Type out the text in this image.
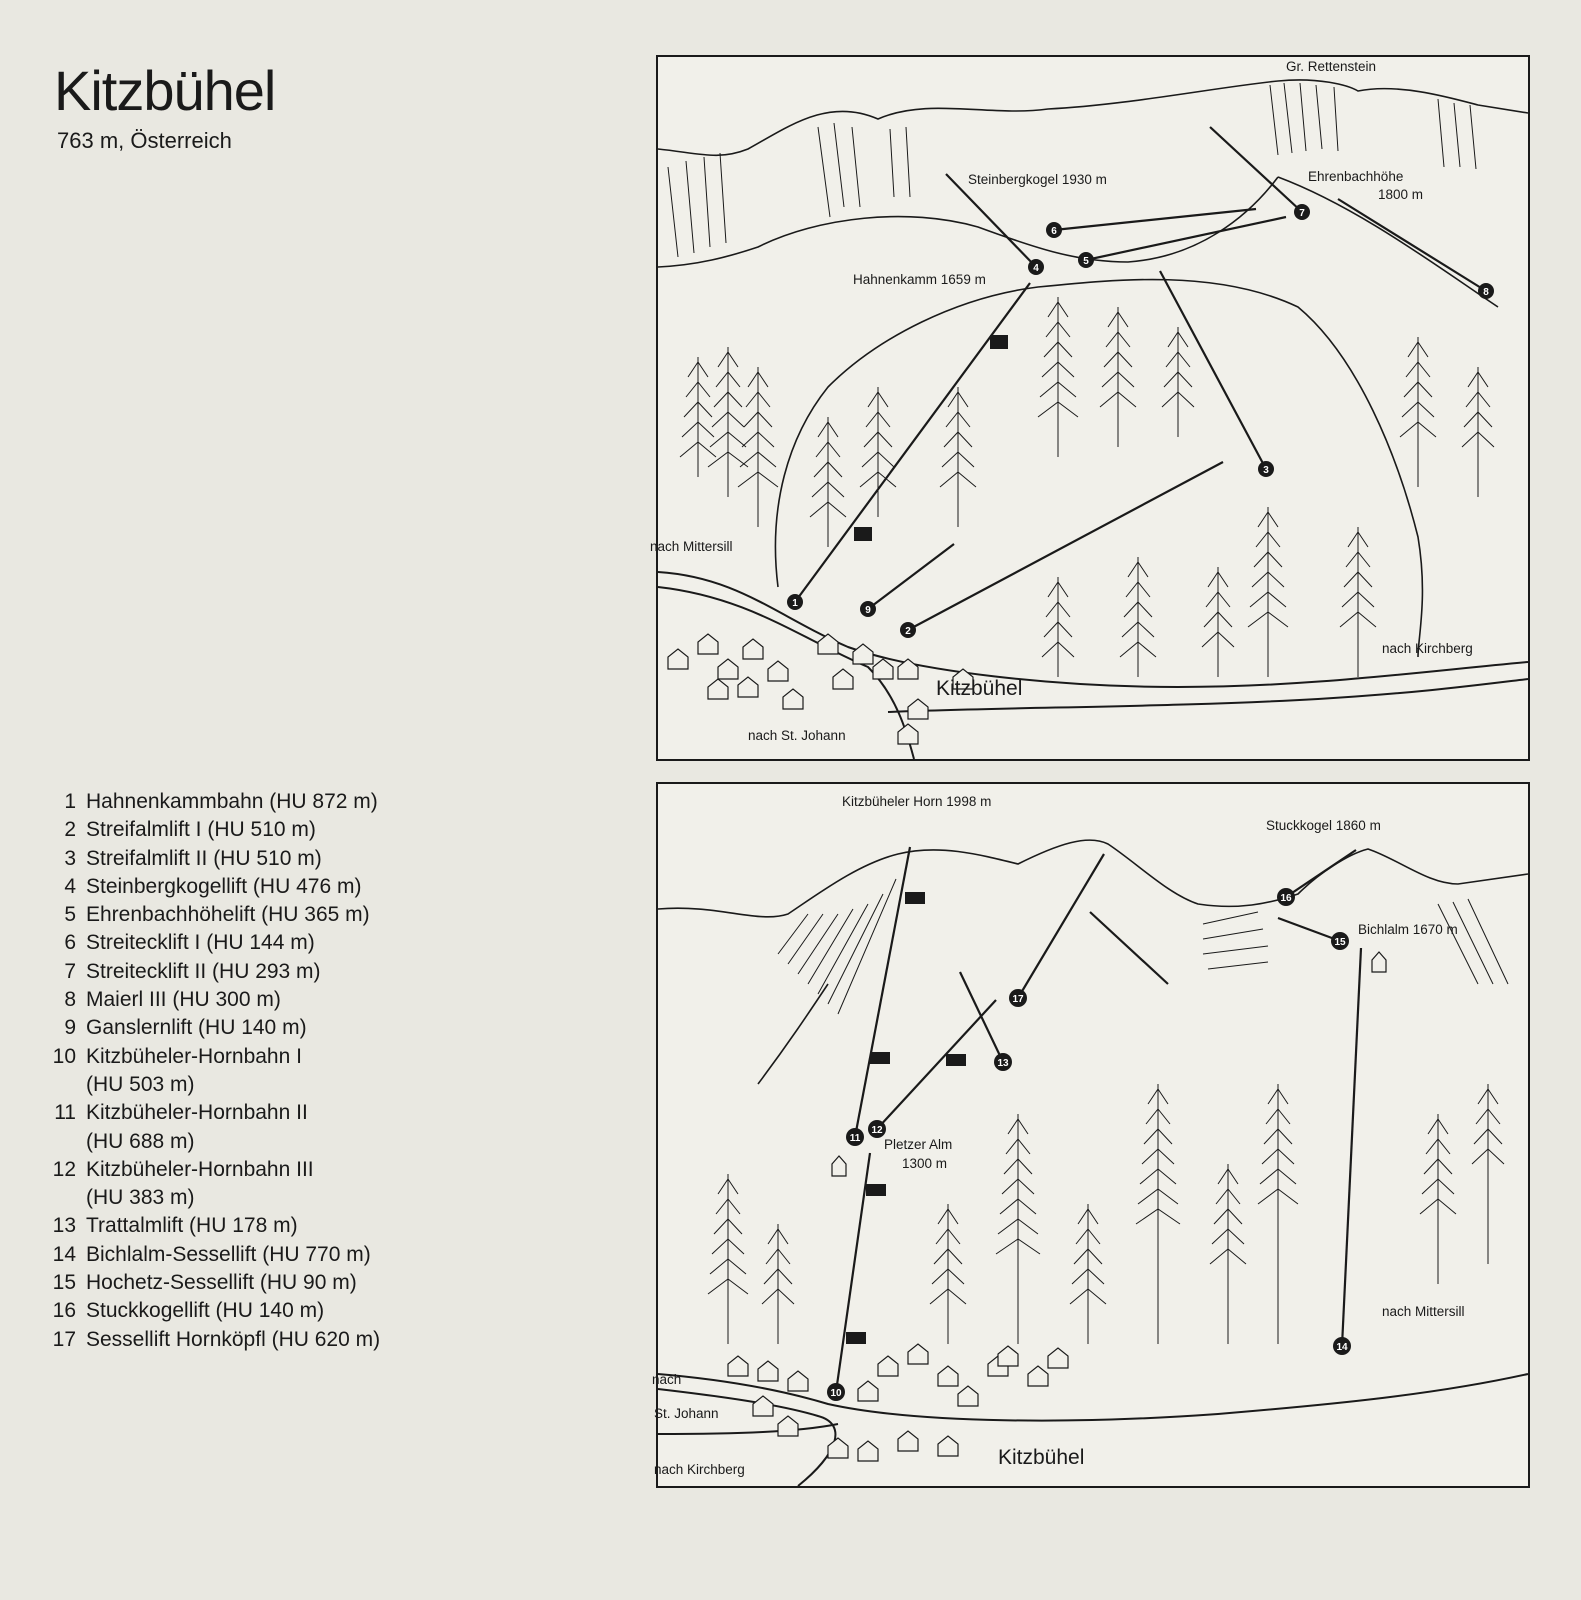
Kitzbühel
763 m, Österreich
1 Hahnenkammbahn (HU 872 m)
2 Streifalmlift I (HU 510 m)
3 Streifalmlift II (HU 510 m)
4 Steinbergkogellift (HU 476 m)
5 Ehrenbachhöhelift (HU 365 m)
6 Streitecklift I (HU 144 m)
7 Streitecklift II (HU 293 m)
8 Maierl III (HU 300 m)
9 Ganslernlift (HU 140 m)
10 Kitzbüheler-Hornbahn I
(HU 503 m)
11 Kitzbüheler-Hornbahn II
(HU 688 m)
12 Kitzbüheler-Hornbahn III
(HU 383 m)
13 Trattalmlift (HU 178 m)
14 Bichlalm-Sessellift (HU 770 m)
15 Hochetz-Sessellift (HU 90 m)
16 Stuckkogellift (HU 140 m)
17 Sessellift Hornköpfl (HU 620 m)
1
2
3
4
5
6
7
8
9
Gr. Rettenstein
Steinbergkogel 1930 m	Ehrenbachhöhe
1800 m
Hahnenkamm 1659 m
nach Mittersill
nach Kirchberg
nach St. Johann
Kitzbühel
10
11
12
13
14
15
16
17
Kitzbüheler Horn 1998 m
Stuckkogel 1860 m
Bichlalm 1670 m
Pletzer Alm
1300 m
nach Mittersill
nach
St. Johann
nach Kirchberg
Kitzbühel
